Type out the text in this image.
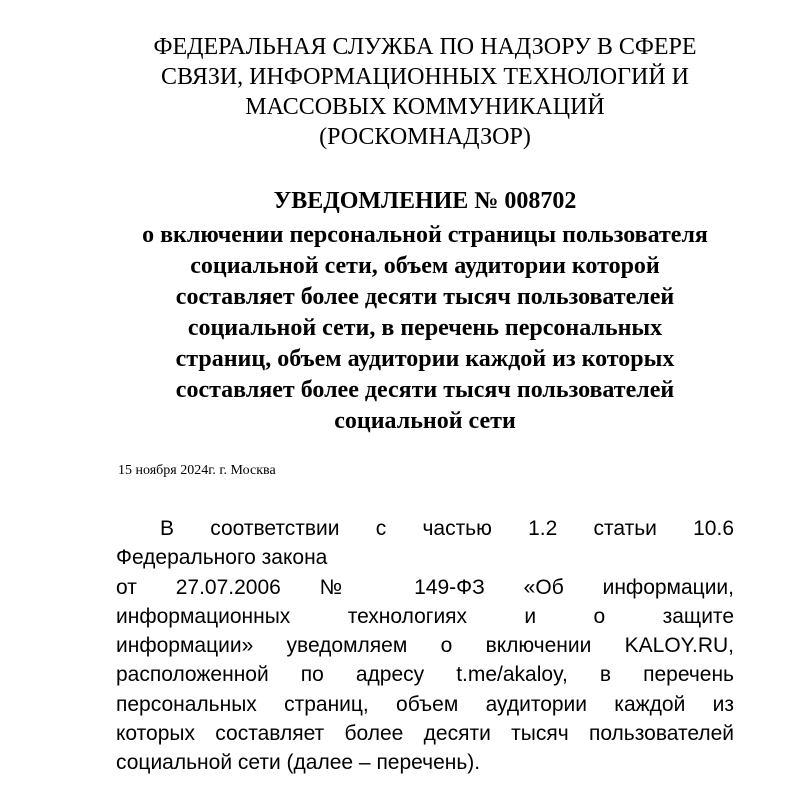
ФЕДЕРАЛЬНАЯ СЛУЖБА ПО НАДЗОРУ В СФЕРЕ
СВЯЗИ, ИНФОРМАЦИОННЫХ ТЕХНОЛОГИЙ И
МАССОВЫХ КОММУНИКАЦИЙ
(РОСКОМНАДЗОР)
УВЕДОМЛЕНИЕ № 008702
о включении персональной страницы пользователя
социальной сети, объем аудитории которой
составляет более десяти тысяч пользователей
социальной сети, в перечень персональных
страниц, объем аудитории каждой из которых
составляет более десяти тысяч пользователей
социальной сети
15 ноября 2024г. г. Москва
В соответствии с частью 1.2 статьи 10.6
Федерального закона
от 27.07.2006 № 149-ФЗ «Об информации,
информационных технологиях и о защите
информации» уведомляем о включении KALOY.RU,
расположенной по адресу t.me/akaloy, в перечень
персональных страниц, объем аудитории каждой из
которых составляет более десяти тысяч пользователей
социальной сети (далее – перечень).
